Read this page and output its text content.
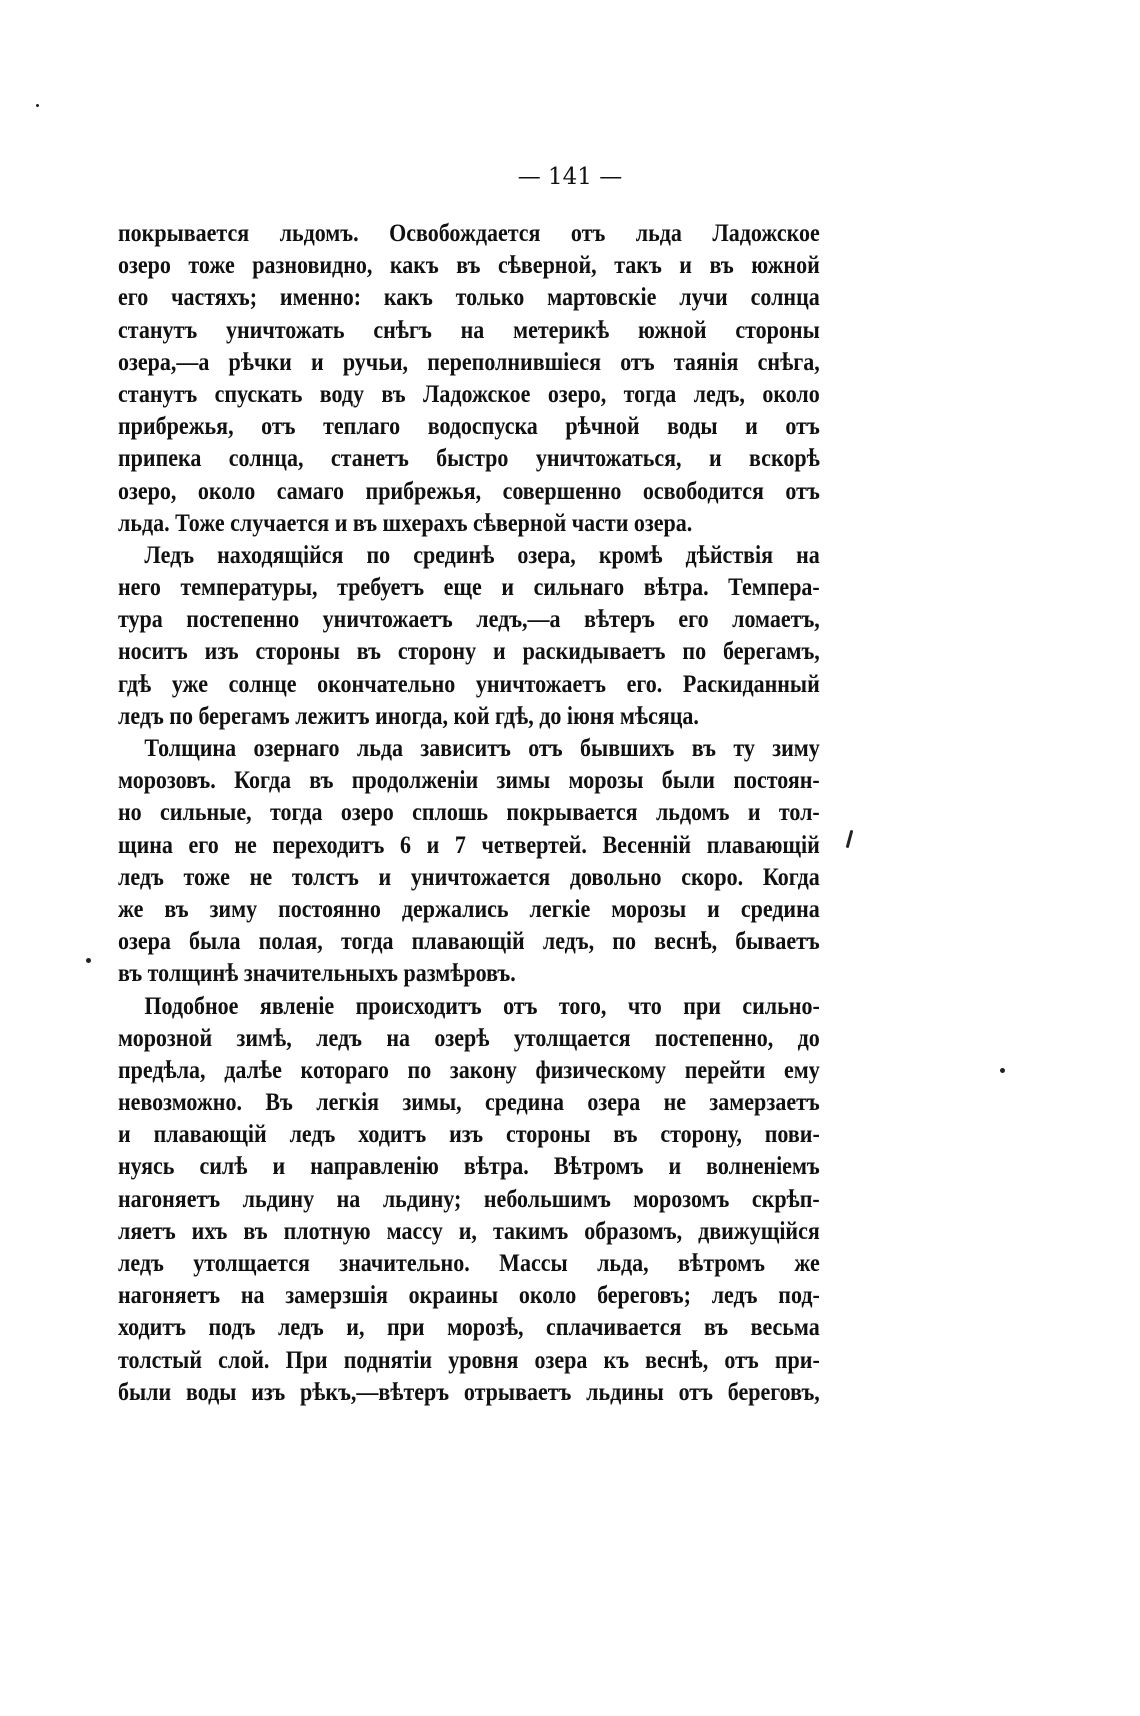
— 141 —
покрывается льдомъ. Освобождается отъ льда Ладожское
озеро тоже разновидно, какъ въ сѣверной, такъ и въ южной
его частяхъ; именно: какъ только мартовскіе лучи солнца
станутъ уничтожать снѣгъ на метерикѣ южной стороны
озера,—а рѣчки и ручьи, переполнившіеся отъ таянія снѣга,
станутъ спускать воду въ Ладожское озеро, тогда ледъ, около
прибрежья, отъ теплаго водоспуска рѣчной воды и отъ
припека солнца, станетъ быстро уничтожаться, и вскорѣ
озеро, около самаго прибрежья, совершенно освободится отъ
льда. Тоже случается и въ шхерахъ сѣверной части озера.
Ледъ находящійся по срединѣ озера, кромѣ дѣйствія на
него температуры, требуетъ еще и сильнаго вѣтра. Темпера-
тура постепенно уничтожаетъ ледъ,—а вѣтеръ его ломаетъ,
носитъ изъ стороны въ сторону и раскидываетъ по берегамъ,
гдѣ уже солнце окончательно уничтожаетъ его. Раскиданный
ледъ по берегамъ лежитъ иногда, кой гдѣ, до іюня мѣсяца.
Толщина озернаго льда зависитъ отъ бывшихъ въ ту зиму
морозовъ. Когда въ продолженіи зимы морозы были постоян-
но сильные, тогда озеро сплошь покрывается льдомъ и тол-
щина его не переходитъ 6 и 7 четвертей. Весенній плавающій
ледъ тоже не толстъ и уничтожается довольно скоро. Когда
же въ зиму постоянно держались легкіе морозы и средина
озера была полая, тогда плавающій ледъ, по веснѣ, бываетъ
въ толщинѣ значительныхъ размѣровъ.
Подобное явленіе происходитъ отъ того, что при сильно-
морозной зимѣ, ледъ на озерѣ утолщается постепенно, до
предѣла, далѣе котораго по закону физическому перейти ему
невозможно. Въ легкія зимы, средина озера не замерзаетъ
и плавающій ледъ ходитъ изъ стороны въ сторону, пови-
нуясь силѣ и направленію вѣтра. Вѣтромъ и волненіемъ
нагоняетъ льдину на льдину; небольшимъ морозомъ скрѣп-
ляетъ ихъ въ плотную массу и, такимъ образомъ, движущійся
ледъ утолщается значительно. Массы льда, вѣтромъ же
нагоняетъ на замерзшія окраины около береговъ; ледъ под-
ходитъ подъ ледъ и, при морозѣ, сплачивается въ весьма
толстый слой. При поднятіи уровня озера къ веснѣ, отъ при-
были воды изъ рѣкъ,—вѣтеръ отрываетъ льдины отъ береговъ,
